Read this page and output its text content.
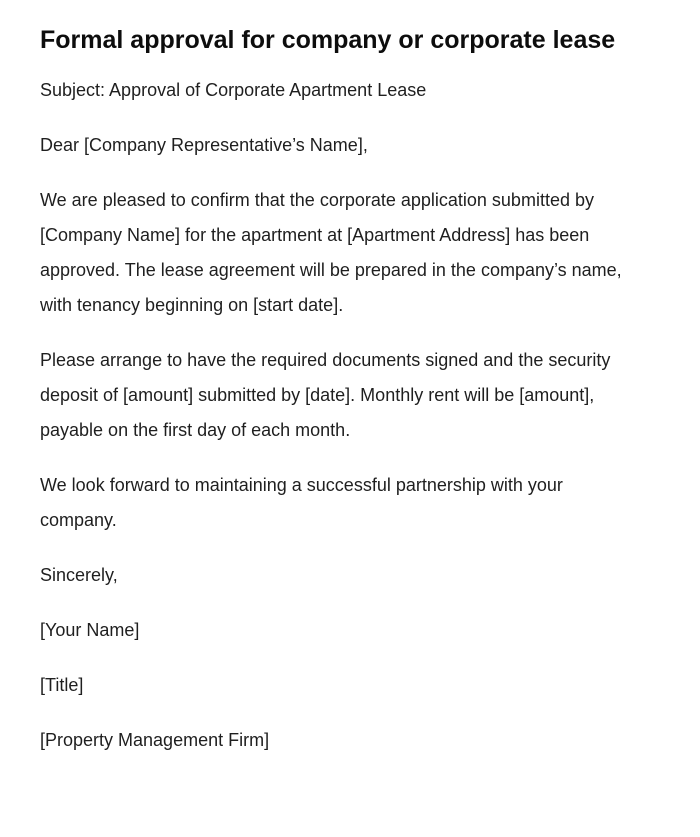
Formal approval for company or corporate lease

Subject: Approval of Corporate Apartment Lease

Dear [Company Representative’s Name],

We are pleased to confirm that the corporate application submitted by [Company Name] for the apartment at [Apartment Address] has been approved. The lease agreement will be prepared in the company’s name, with tenancy beginning on [start date].

Please arrange to have the required documents signed and the security deposit of [amount] submitted by [date]. Monthly rent will be [amount], payable on the first day of each month.

We look forward to maintaining a successful partnership with your company.

Sincerely,

[Your Name]

[Title]

[Property Management Firm]
